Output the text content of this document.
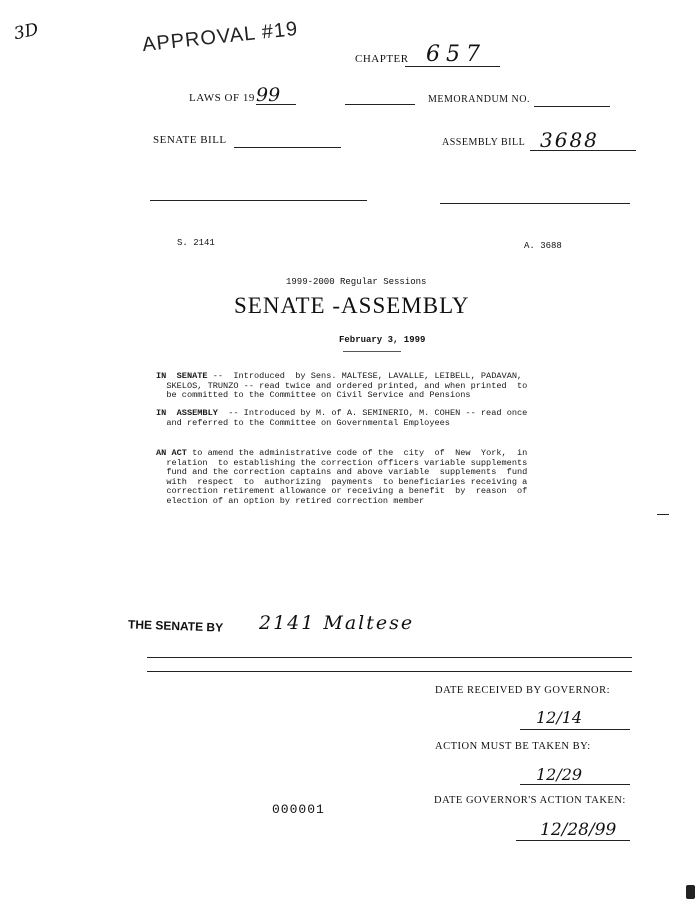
3D	APPROVAL #19
CHAPTER 657
LAWS OF 19 99	MEMORANDUM NO.
SENATE BILL	ASSEMBLY BILL 3688
S. 2141	A. 3688
1999-2000 Regular Sessions
SENATE -ASSEMBLY
February 3, 1999
IN  SENATE --  Introduced  by Sens. MALTESE, LAVALLE, LEIBELL, PADAVAN,
SKELOS, TRUNZO -- read twice and ordered printed, and when printed  to
be committed to the Committee on Civil Service and Pensions
IN  ASSEMBLY  -- Introduced by M. of A. SEMINERIO, M. COHEN -- read once
and referred to the Committee on Governmental Employees
AN ACT to amend the administrative code of the  city  of  New  York,  in
relation  to establishing the correction officers variable supplements
fund and the correction captains and above variable  supplements  fund
with  respect  to  authorizing  payments  to beneficiaries receiving a
correction retirement allowance or receiving a benefit  by  reason  of
election of an option by retired correction member
THE SENATE BY 2141 Maltese
DATE RECEIVED BY GOVERNOR:
12/14
ACTION MUST BE TAKEN BY:
12/29
DATE GOVERNOR'S ACTION TAKEN:
12/28/99
000001
